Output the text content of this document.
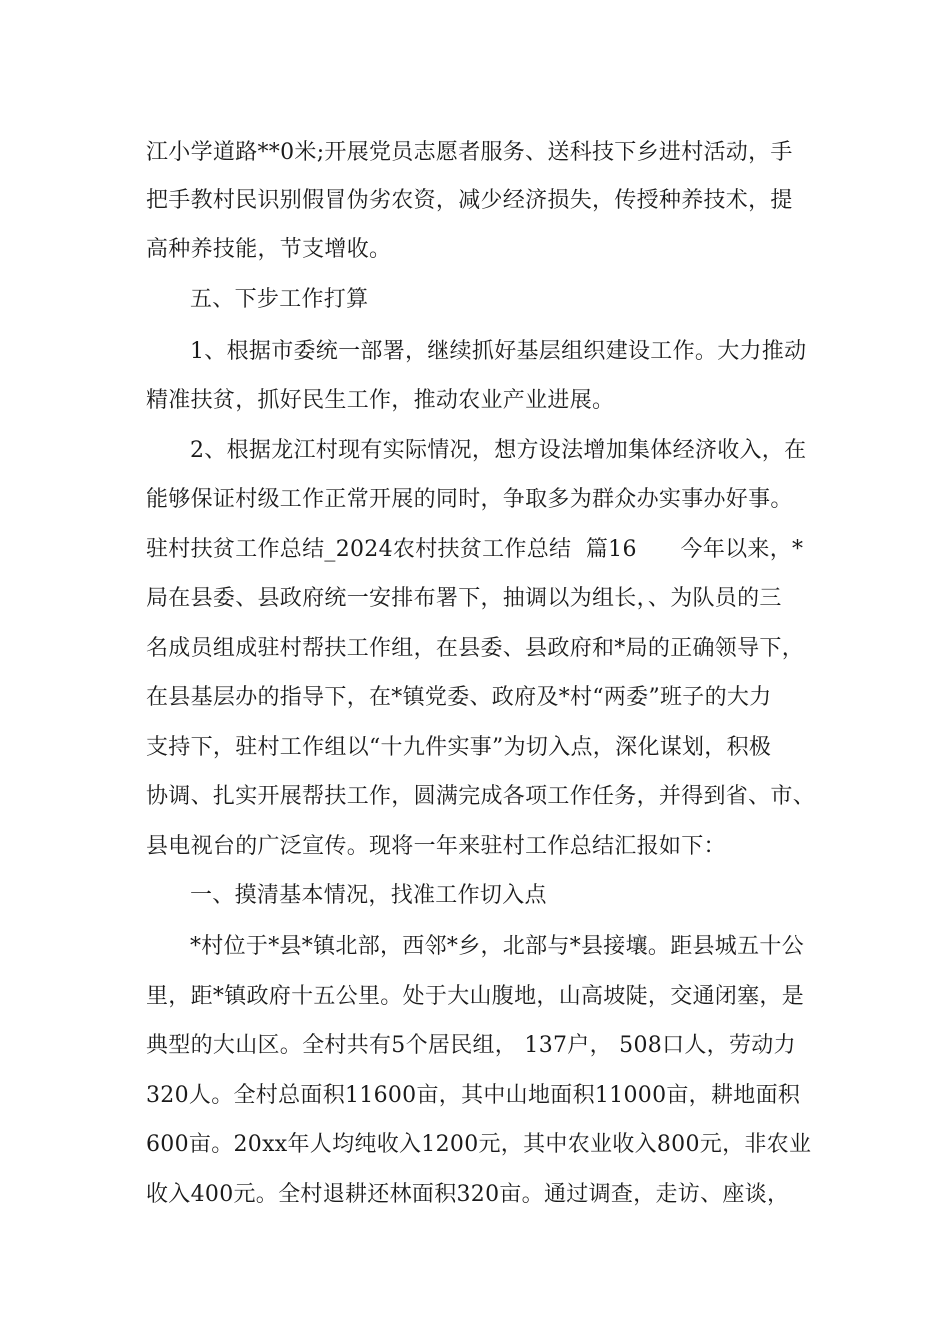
江小学道路**0米;开展党员志愿者服务、送科技下乡进村活动，手

把手教村民识别假冒伪劣农资，减少经济损失，传授种养技术，提

高种养技能，节支增收。

五、下步工作打算

1、根据市委统一部署，继续抓好基层组织建设工作。大力推动

精准扶贫，抓好民生工作，推动农业产业进展。

2、根据龙江村现有实际情况，想方设法增加集体经济收入，在

能够保证村级工作正常开展的同时，争取多为群众办实事办好事。

驻村扶贫工作总结_2024农村扶贫工作总结  篇16      今年以来，*

局在县委、县政府统一安排布署下，抽调以为组长，、为队员的三

名成员组成驻村帮扶工作组，在县委、县政府和*局的正确领导下，

在县基层办的指导下，在*镇党委、政府及*村“两委”班子的大力

支持下，驻村工作组以“十九件实事”为切入点，深化谋划，积极

协调、扎实开展帮扶工作，圆满完成各项工作任务，并得到省、市、

县电视台的广泛宣传。现将一年来驻村工作总结汇报如下：

一、摸清基本情况，找准工作切入点

*村位于*县*镇北部，西邻*乡，北部与*县接壤。距县城五十公

里，距*镇政府十五公里。处于大山腹地，山高坡陡，交通闭塞，是

典型的大山区。全村共有5个居民组， 137户， 508口人，劳动力

320人。全村总面积11600亩，其中山地面积11000亩，耕地面积

600亩。20xx年人均纯收入1200元，其中农业收入800元，非农业

收入400元。全村退耕还林面积320亩。通过调查，走访、座谈，
